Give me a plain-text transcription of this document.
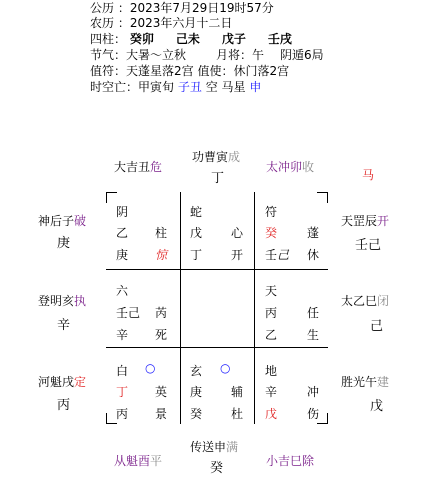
公历 ：2023年7月29日19时57分
农历 ：2023年六月十二日
四柱： 癸卯 己未 戊子 壬戌
节气：大暑～立秋 月将：午 阴遁6局
值符：天蓬星落2宫 值使：休门落2宫
时空亡：甲寅旬 子丑 空 马星 申
大吉丑危
功曹寅成
丁
太冲卯收
马
神后子破
庚
登明亥执
辛
河魁戌定
丙
天罡辰开
壬己
太乙巳闭
己
胜光午建
戊
从魁酉平
传送申满
癸	小吉巳除
阴
乙 柱
庚 惊
蛇
戊 心
丁 开
符
癸 蓬
壬己 休
六
壬己 芮
辛 死
天
丙 任
乙 生
白 ○
丁 英
丙 景
玄 ○
庚 辅
癸 杜
地
辛 冲
戊 伤
